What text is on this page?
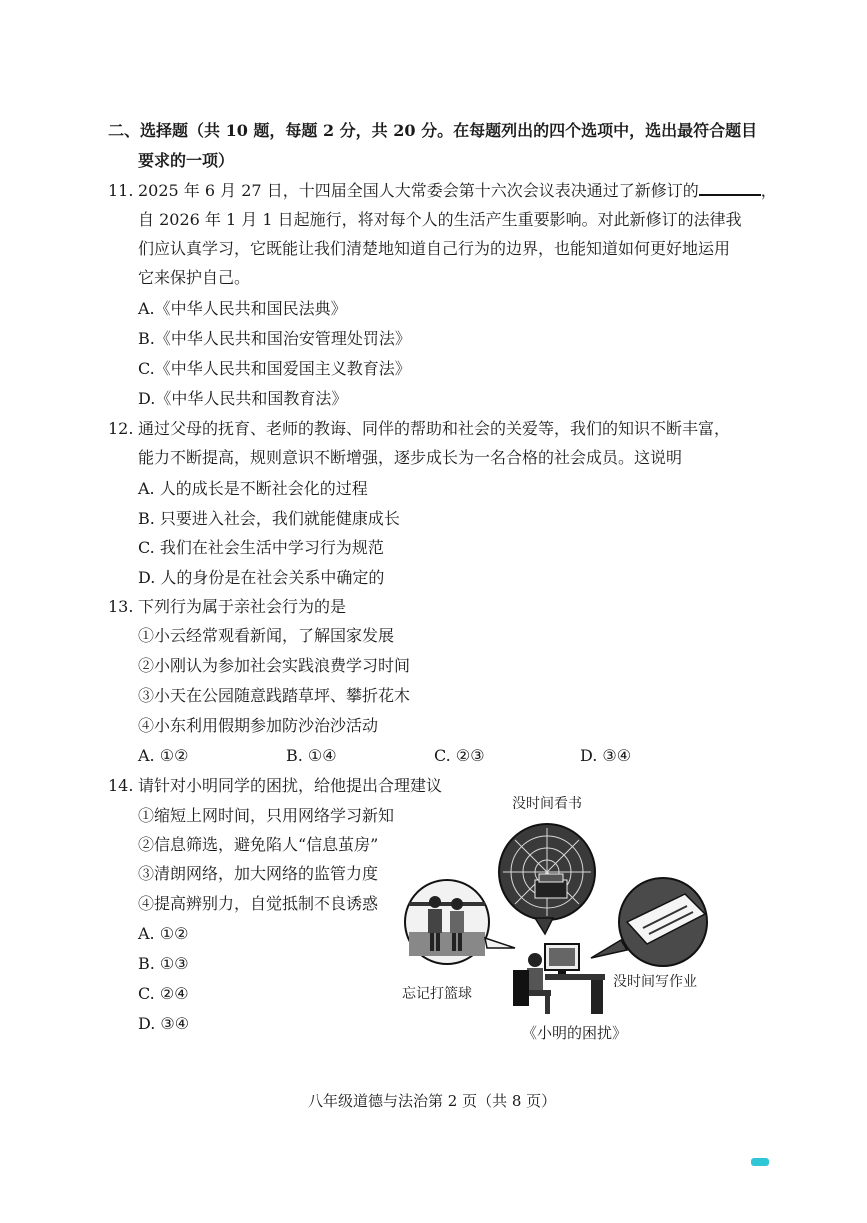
二、选择题（共 10 题，每题 2 分，共 20 分。在每题列出的四个选项中，选出最符合题目
要求的一项）
11. 2025 年 6 月 27 日，十四届全国人大常委会第十六次会议表决通过了新修订的	，
自 2026 年 1 月 1 日起施行，将对每个人的生活产生重要影响。对此新修订的法律我
们应认真学习，它既能让我们清楚地知道自己行为的边界，也能知道如何更好地运用
它来保护自己。
A.《中华人民共和国民法典》
B.《中华人民共和国治安管理处罚法》
C.《中华人民共和国爱国主义教育法》
D.《中华人民共和国教育法》
12. 通过父母的抚育、老师的教诲、同伴的帮助和社会的关爱等，我们的知识不断丰富，
能力不断提高，规则意识不断增强，逐步成长为一名合格的社会成员。这说明
A. 人的成长是不断社会化的过程
B. 只要进入社会，我们就能健康成长
C. 我们在社会生活中学习行为规范
D. 人的身份是在社会关系中确定的
13. 下列行为属于亲社会行为的是
①小云经常观看新闻，了解国家发展
②小刚认为参加社会实践浪费学习时间
③小天在公园随意践踏草坪、攀折花木
④小东利用假期参加防沙治沙活动
A. ①②	B. ①④	C. ②③	D. ③④
14. 请针对小明同学的困扰，给他提出合理建议
①缩短上网时间，只用网络学习新知
②信息筛选，避免陷人“信息茧房”
③清朗网络，加大网络的监管力度
④提高辨别力，自觉抵制不良诱惑
A. ①②
B. ①③
C. ②④
D. ③④
没时间看书
忘记打篮球
没时间写作业
《小明的困扰》
八年级道德与法治第 2 页（共 8 页）
